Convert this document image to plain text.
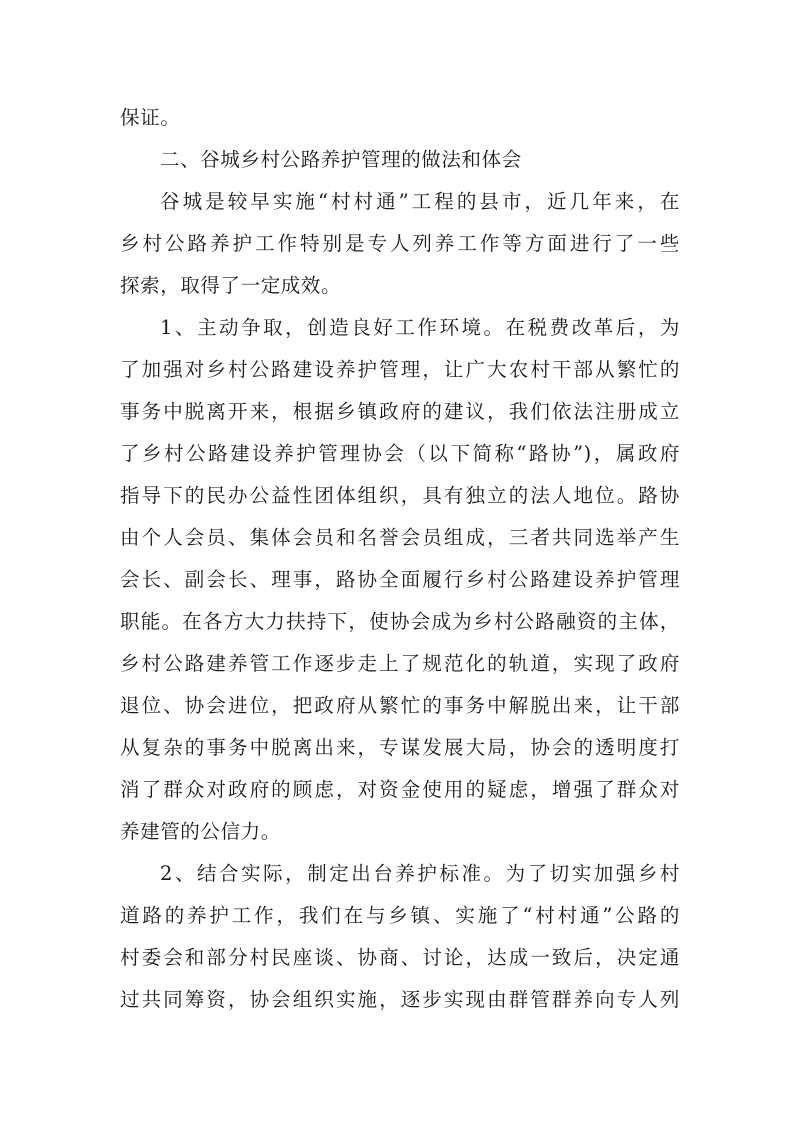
保证。
二、谷城乡村公路养护管理的做法和体会
谷城是较早实施“村村通”工程的县市，近几年来，在
乡村公路养护工作特别是专人列养工作等方面进行了一些
探索，取得了一定成效。
1、主动争取，创造良好工作环境。在税费改革后，为
了加强对乡村公路建设养护管理，让广大农村干部从繁忙的
事务中脱离开来，根据乡镇政府的建议，我们依法注册成立
了乡村公路建设养护管理协会（以下简称“路协”)，属政府
指导下的民办公益性团体组织，具有独立的法人地位。路协
由个人会员、集体会员和名誉会员组成，三者共同选举产生
会长、副会长、理事，路协全面履行乡村公路建设养护管理
职能。在各方大力扶持下，使协会成为乡村公路融资的主体，
乡村公路建养管工作逐步走上了规范化的轨道，实现了政府
退位、协会进位，把政府从繁忙的事务中解脱出来，让干部
从复杂的事务中脱离出来，专谋发展大局，协会的透明度打
消了群众对政府的顾虑，对资金使用的疑虑，增强了群众对
养建管的公信力。
2、结合实际，制定出台养护标准。为了切实加强乡村
道路的养护工作，我们在与乡镇、实施了“村村通”公路的
村委会和部分村民座谈、协商、讨论，达成一致后，决定通
过共同筹资，协会组织实施，逐步实现由群管群养向专人列
